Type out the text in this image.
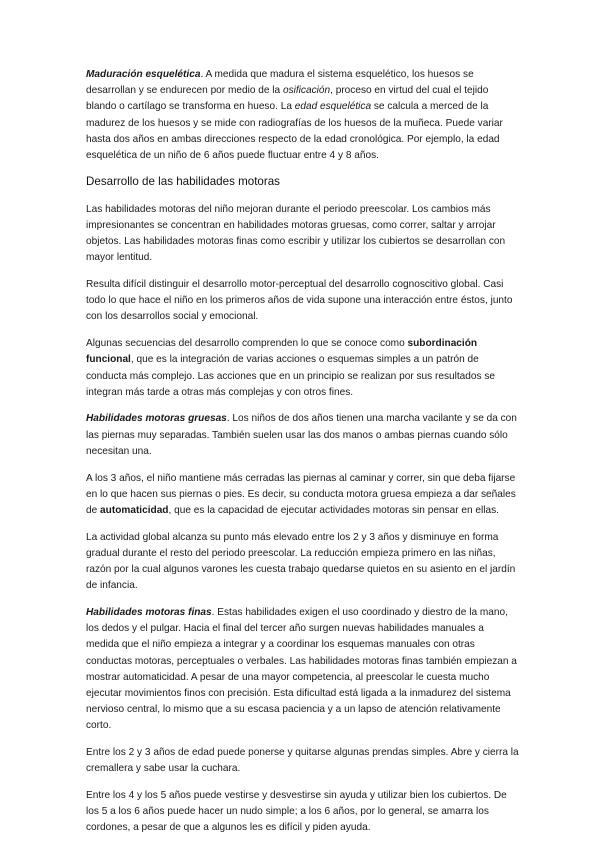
Maduración esquelética. A medida que madura el sistema esquelético, los huesos se desarrollan y se endurecen por medio de la osificación, proceso en virtud del cual el tejido blando o cartílago se transforma en hueso. La edad esquelética se calcula a merced de la madurez de los huesos y se mide con radiografías de los huesos de la muñeca. Puede variar hasta dos años en ambas direcciones respecto de la edad cronológica. Por ejemplo, la edad esquelética de un niño de 6 años puede fluctuar entre 4 y 8 años.

Desarrollo de las habilidades motoras

Las habilidades motoras del niño mejoran durante el periodo preescolar. Los cambios más impresionantes se concentran en habilidades motoras gruesas, como correr, saltar y arrojar objetos. Las habilidades motoras finas como escribir y utilizar los cubiertos se desarrollan con mayor lentitud.

Resulta difícil distinguir el desarrollo motor-perceptual del desarrollo cognoscitivo global. Casi todo lo que hace el niño en los primeros años de vida supone una interacción entre éstos, junto con los desarrollos social y emocional.

Algunas secuencias del desarrollo comprenden lo que se conoce como subordinación funcional, que es la integración de varias acciones o esquemas simples a un patrón de conducta más complejo. Las acciones que en un principio se realizan por sus resultados se integran más tarde a otras más complejas y con otros fines.

Habilidades motoras gruesas. Los niños de dos años tienen una marcha vacilante y se da con las piernas muy separadas. También suelen usar las dos manos o ambas piernas cuando sólo necesitan una.

A los 3 años, el niño mantiene más cerradas las piernas al caminar y correr, sin que deba fijarse en lo que hacen sus piernas o pies. Es decir, su conducta motora gruesa empieza a dar señales de automaticidad, que es la capacidad de ejecutar actividades motoras sin pensar en ellas.

La actividad global alcanza su punto más elevado entre los 2 y 3 años y disminuye en forma gradual durante el resto del periodo preescolar. La reducción empieza primero en las niñas, razón por la cual algunos varones les cuesta trabajo quedarse quietos en su asiento en el jardín de infancia.

Habilidades motoras finas. Estas habilidades exigen el uso coordinado y diestro de la mano, los dedos y el pulgar. Hacia el final del tercer año surgen nuevas habilidades manuales a medida que el niño empieza a integrar y a coordinar los esquemas manuales con otras conductas motoras, perceptuales o verbales. Las habilidades motoras finas también empiezan a mostrar automaticidad. A pesar de una mayor competencia, al preescolar le cuesta mucho ejecutar movimientos finos con precisión. Esta dificultad está ligada a la inmadurez del sistema nervioso central, lo mismo que a su escasa paciencia y a un lapso de atención relativamente corto.

Entre los 2 y 3 años de edad puede ponerse y quitarse algunas prendas simples. Abre y cierra la cremallera y sabe usar la cuchara.

Entre los 4 y los 5 años puede vestirse y desvestirse sin ayuda y utilizar bien los cubiertos. De los 5 a los 6 años puede hacer un nudo simple; a los 6 años, por lo general, se amarra los cordones, a pesar de que a algunos les es difícil y piden ayuda.
